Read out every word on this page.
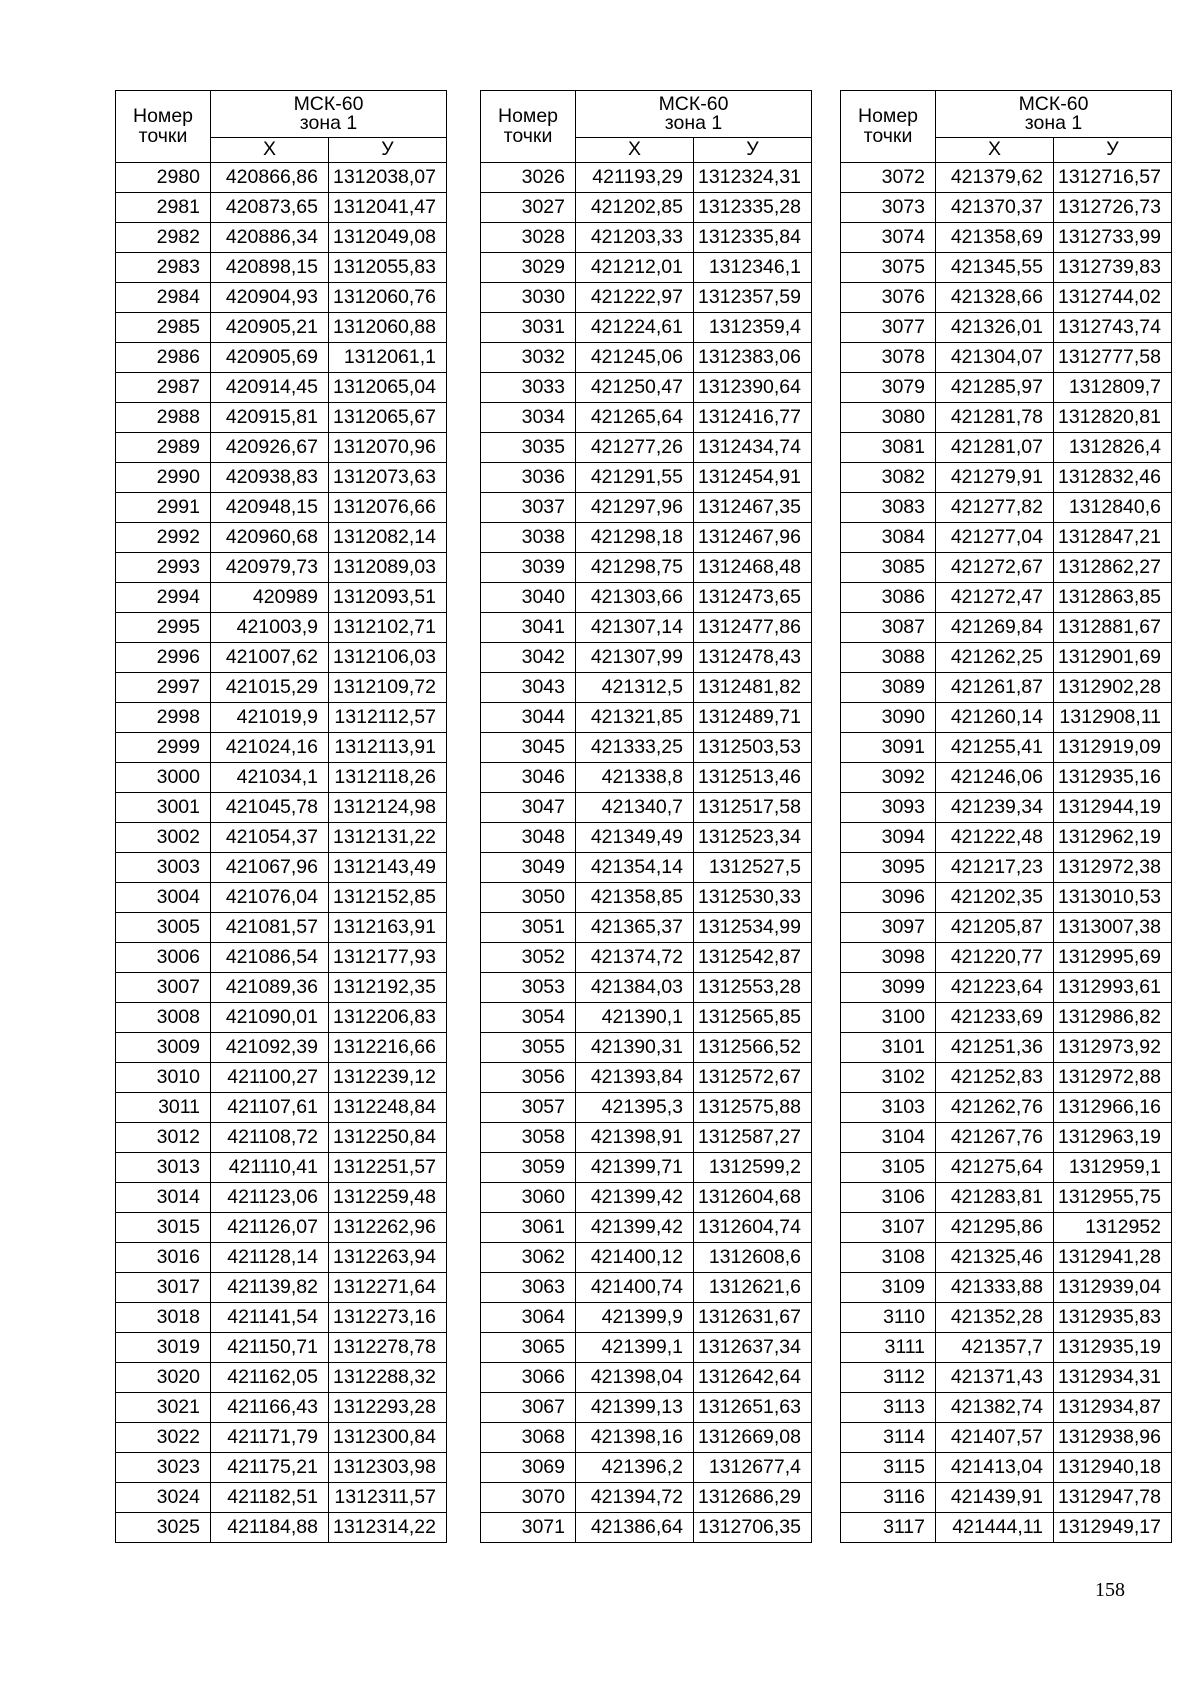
Номер
точки	МСК-60
зона 1	

	X	У
2980	420866,86	1312038,07
2981	420873,65	1312041,47
2982	420886,34	1312049,08
2983	420898,15	1312055,83
2984	420904,93	1312060,76
2985	420905,21	1312060,88
2986	420905,69	1312061,1
2987	420914,45	1312065,04
2988	420915,81	1312065,67
2989	420926,67	1312070,96
2990	420938,83	1312073,63
2991	420948,15	1312076,66
2992	420960,68	1312082,14
2993	420979,73	1312089,03
2994	420989	1312093,51
2995	421003,9	1312102,71
2996	421007,62	1312106,03
2997	421015,29	1312109,72
2998	421019,9	1312112,57
2999	421024,16	1312113,91
3000	421034,1	1312118,26
3001	421045,78	1312124,98
3002	421054,37	1312131,22
3003	421067,96	1312143,49
3004	421076,04	1312152,85
3005	421081,57	1312163,91
3006	421086,54	1312177,93
3007	421089,36	1312192,35
3008	421090,01	1312206,83
3009	421092,39	1312216,66
3010	421100,27	1312239,12
3011	421107,61	1312248,84
3012	421108,72	1312250,84
3013	421110,41	1312251,57
3014	421123,06	1312259,48
3015	421126,07	1312262,96
3016	421128,14	1312263,94
3017	421139,82	1312271,64
3018	421141,54	1312273,16
3019	421150,71	1312278,78
3020	421162,05	1312288,32
3021	421166,43	1312293,28
3022	421171,79	1312300,84
3023	421175,21	1312303,98
3024	421182,51	1312311,57
3025	421184,88	1312314,22
Номер
точки	МСК-60
зона 1	

	X	У
3026	421193,29	1312324,31
3027	421202,85	1312335,28
3028	421203,33	1312335,84
3029	421212,01	1312346,1
3030	421222,97	1312357,59
3031	421224,61	1312359,4
3032	421245,06	1312383,06
3033	421250,47	1312390,64
3034	421265,64	1312416,77
3035	421277,26	1312434,74
3036	421291,55	1312454,91
3037	421297,96	1312467,35
3038	421298,18	1312467,96
3039	421298,75	1312468,48
3040	421303,66	1312473,65
3041	421307,14	1312477,86
3042	421307,99	1312478,43
3043	421312,5	1312481,82
3044	421321,85	1312489,71
3045	421333,25	1312503,53
3046	421338,8	1312513,46
3047	421340,7	1312517,58
3048	421349,49	1312523,34
3049	421354,14	1312527,5
3050	421358,85	1312530,33
3051	421365,37	1312534,99
3052	421374,72	1312542,87
3053	421384,03	1312553,28
3054	421390,1	1312565,85
3055	421390,31	1312566,52
3056	421393,84	1312572,67
3057	421395,3	1312575,88
3058	421398,91	1312587,27
3059	421399,71	1312599,2
3060	421399,42	1312604,68
3061	421399,42	1312604,74
3062	421400,12	1312608,6
3063	421400,74	1312621,6
3064	421399,9	1312631,67
3065	421399,1	1312637,34
3066	421398,04	1312642,64
3067	421399,13	1312651,63
3068	421398,16	1312669,08
3069	421396,2	1312677,4
3070	421394,72	1312686,29
3071	421386,64	1312706,35
Номер
точки	МСК-60
зона 1	

	X	У
3072	421379,62	1312716,57
3073	421370,37	1312726,73
3074	421358,69	1312733,99
3075	421345,55	1312739,83
3076	421328,66	1312744,02
3077	421326,01	1312743,74
3078	421304,07	1312777,58
3079	421285,97	1312809,7
3080	421281,78	1312820,81
3081	421281,07	1312826,4
3082	421279,91	1312832,46
3083	421277,82	1312840,6
3084	421277,04	1312847,21
3085	421272,67	1312862,27
3086	421272,47	1312863,85
3087	421269,84	1312881,67
3088	421262,25	1312901,69
3089	421261,87	1312902,28
3090	421260,14	1312908,11
3091	421255,41	1312919,09
3092	421246,06	1312935,16
3093	421239,34	1312944,19
3094	421222,48	1312962,19
3095	421217,23	1312972,38
3096	421202,35	1313010,53
3097	421205,87	1313007,38
3098	421220,77	1312995,69
3099	421223,64	1312993,61
3100	421233,69	1312986,82
3101	421251,36	1312973,92
3102	421252,83	1312972,88
3103	421262,76	1312966,16
3104	421267,76	1312963,19
3105	421275,64	1312959,1
3106	421283,81	1312955,75
3107	421295,86	1312952
3108	421325,46	1312941,28
3109	421333,88	1312939,04
3110	421352,28	1312935,83
3111	421357,7	1312935,19
3112	421371,43	1312934,31
3113	421382,74	1312934,87
3114	421407,57	1312938,96
3115	421413,04	1312940,18
3116	421439,91	1312947,78
3117	421444,11	1312949,17
158
